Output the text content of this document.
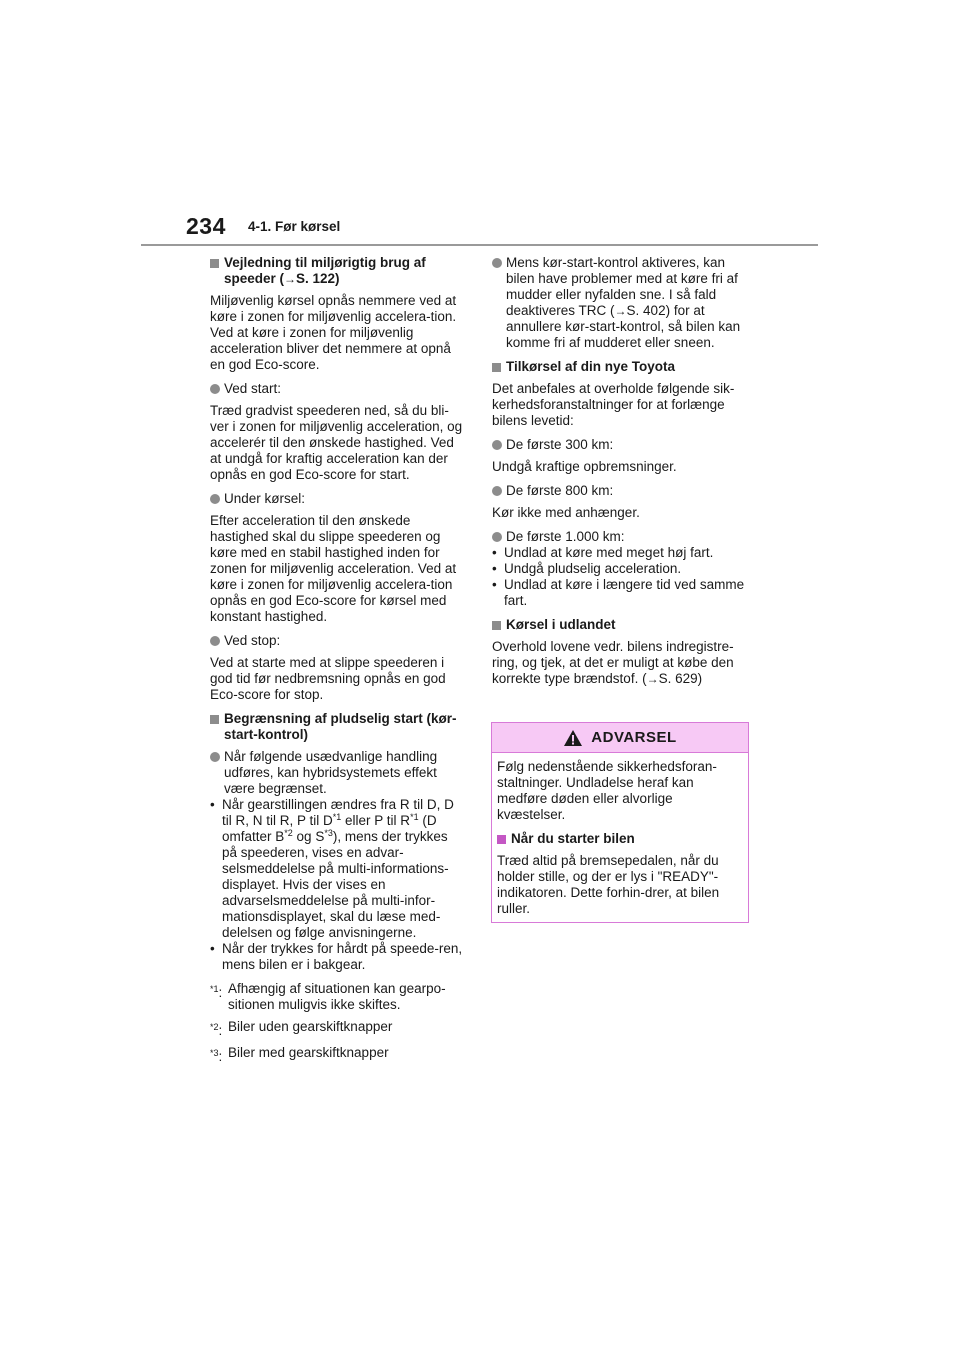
234 4-1. Før kørsel
Vejledning til miljørigtig brug af speeder (→S. 122)
Miljøvenlig kørsel opnås nemmere ved at køre i zonen for miljøvenlig accelera-tion. Ved at køre i zonen for miljøvenlig acceleration bliver det nemmere at opnå en god Eco-score.
Ved start:
Træd gradvist speederen ned, så du bli-ver i zonen for miljøvenlig acceleration, og accelerér til den ønskede hastighed. Ved at undgå for kraftig acceleration kan der opnås en god Eco-score for start.
Under kørsel:
Efter acceleration til den ønskede hastighed skal du slippe speederen og køre med en stabil hastighed inden for zonen for miljøvenlig acceleration. Ved at køre i zonen for miljøvenlig accelera-tion opnås en god Eco-score for kørsel med konstant hastighed.
Ved stop:
Ved at starte med at slippe speederen i god tid før nedbremsning opnås en god Eco-score for stop.
Begrænsning af pludselig start (kør-start-kontrol)
Når følgende usædvanlige handling udføres, kan hybridsystemets effekt være begrænset.
• Når gearstillingen ændres fra R til D, D til R, N til R, P til $D^{*1}$ eller P til $R^{*1}$ (D omfatter $B^{*2}$ og $S^{*3}$), mens der trykkes på speederen, vises en advar-selsmeddelelse på multi-informations-displayet. Hvis der vises en advarselsmeddelelse på multi-infor-mationsdisplayet, skal du læse med-delelsen og følge anvisningerne.
• Når der trykkes for hårdt på speede-ren, mens bilen er i bakgear.
$^{*1}$: Afhængig af situationen kan gearpo-sitionen muligvis ikke skiftes.
$^{*2}$: Biler uden gearskiftknapper
$^{*3}$: Biler med gearskiftknapper
Mens kør-start-kontrol aktiveres, kan bilen have problemer med at køre fri af mudder eller nyfalden sne. I så fald deaktiveres TRC (→S. 402) for at annullere kør-start-kontrol, så bilen kan komme fri af mudderet eller sneen.
Tilkørsel af din nye Toyota
Det anbefales at overholde følgende sik-kerhedsforanstaltninger for at forlænge bilens levetid:
De første 300 km:
Undgå kraftige opbremsninger.
De første 800 km:
Kør ikke med anhænger.
De første 1.000 km:
• Undlad at køre med meget høj fart.
• Undgå pludselig acceleration.
• Undlad at køre i længere tid ved samme fart.
Kørsel i udlandet
Overhold lovene vedr. bilens indregistre-ring, og tjek, at det er muligt at købe den korrekte type brændstof. (→S. 629)
ADVARSEL
Følg nedenstående sikkerhedsforan-staltninger. Undladelse heraf kan medføre døden eller alvorlige kvæstelser.
Når du starter bilen
Træd altid på bremsepedalen, når du holder stille, og der er lys i "READY"-indikatoren. Dette forhin-drer, at bilen ruller.
